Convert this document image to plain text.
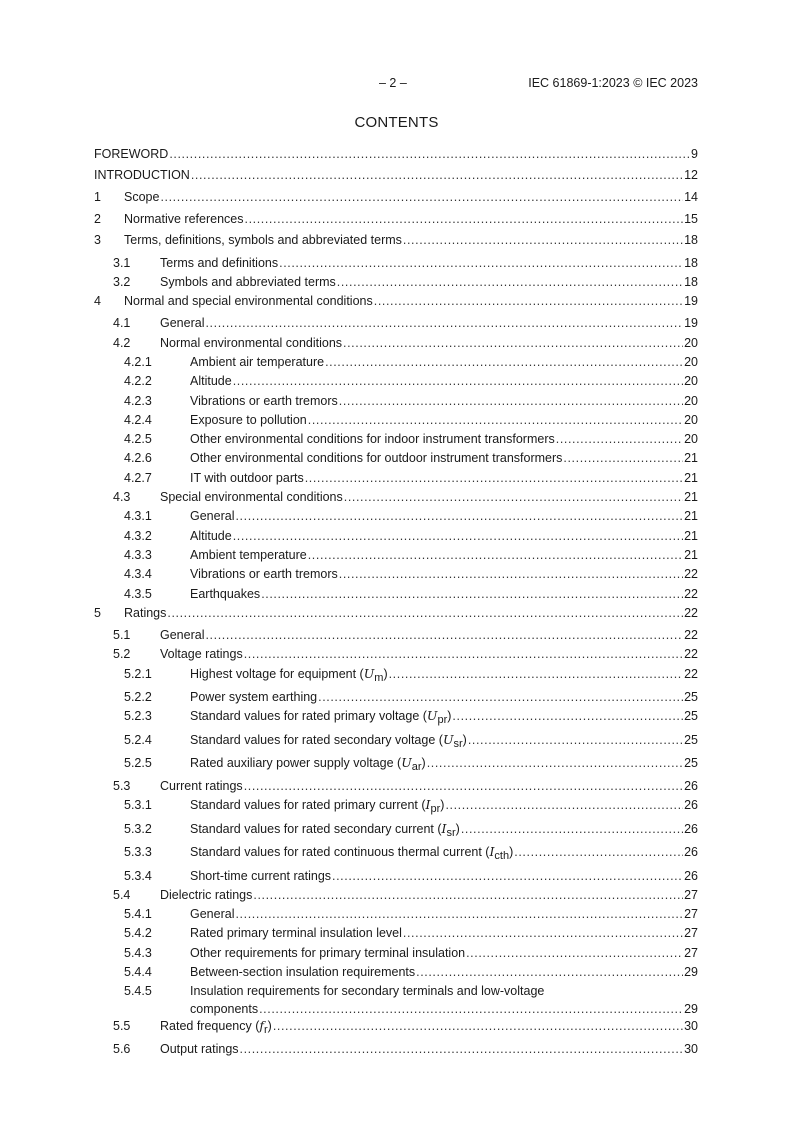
– 2 –	IEC 61869-1:2023 © IEC 2023
CONTENTS
FOREWORD .....	9
INTRODUCTION .....	12
1 Scope .....	14
2 Normative references .....	15
3 Terms, definitions, symbols and abbreviated terms .....	18
3.1 Terms and definitions .....	18
3.2 Symbols and abbreviated terms .....	18
4 Normal and special environmental conditions .....	19
4.1 General .....	19
4.2 Normal environmental conditions .....	20
4.2.1	Ambient air temperature .....	20
4.2.2	Altitude .....	20
4.2.3	Vibrations or earth tremors .....	20
4.2.4	Exposure to pollution .....	20
4.2.5	Other environmental conditions for indoor instrument transformers .....	20
4.2.6	Other environmental conditions for outdoor instrument transformers .....	21
4.2.7	IT with outdoor parts .....	21
4.3 Special environmental conditions .....	21
4.3.1	General .....	21
4.3.2	Altitude .....	21
4.3.3	Ambient temperature .....	21
4.3.4	Vibrations or earth tremors .....	22
4.3.5	Earthquakes .....	22
5 Ratings .....	22
5.1 General .....	22
5.2 Voltage ratings .....	22
5.2.1	Highest voltage for equipment (Um) .....	22
5.2.2	Power system earthing .....	25
5.2.3	Standard values for rated primary voltage (Upr) .....	25
5.2.4	Standard values for rated secondary voltage (Usr) .....	25
5.2.5	Rated auxiliary power supply voltage (Uar) .....	25
5.3 Current ratings .....	26
5.3.1	Standard values for rated primary current (Ipr) .....	26
5.3.2	Standard values for rated secondary current (Isr) .....	26
5.3.3	Standard values for rated continuous thermal current (Icth) .....	26
5.3.4	Short-time current ratings .....	26
5.4 Dielectric ratings .....	27
5.4.1	General .....	27
5.4.2	Rated primary terminal insulation level .....	27
5.4.3	Other requirements for primary terminal insulation .....	27
5.4.4	Between-section insulation requirements .....	29
5.4.5	Insulation requirements for secondary terminals and low-voltage
components .....	29
5.5 Rated frequency (fr) .....	30
5.6 Output ratings .....	30
